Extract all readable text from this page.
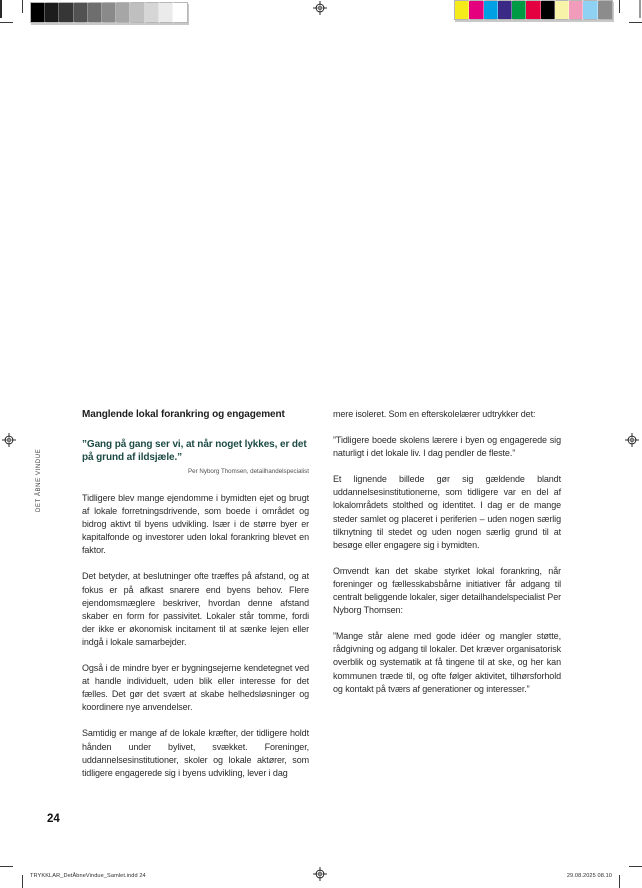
DET ÅBNE VINDUE
Manglende lokal forankring og engagement

”Gang på gang ser vi, at når noget lykkes, er det på grund af ildsjæle.”

Per Nyborg Thomsen, detailhandelspecialist

Tidligere blev mange ejendomme i bymidten ejet og brugt af lokale forretningsdrivende, som boede i området og bidrog aktivt til byens udvikling. Især i de større byer er kapitalfonde og investorer uden lokal forankring blevet en faktor.

Det betyder, at beslutninger ofte træffes på afstand, og at fokus er på afkast snarere end byens behov. Flere ejendomsmæglere beskriver, hvordan denne afstand skaber en form for passivitet. Lokaler står tomme, fordi der ikke er økonomisk incitament til at sænke lejen eller indgå i lokale samarbejder.

Også i de mindre byer er bygningsejerne kendetegnet ved at handle individuelt, uden blik eller interesse for det fælles. Det gør det svært at skabe helhedsløsninger og koordinere nye anvendelser.

Samtidig er mange af de lokale kræfter, der tidligere holdt hånden under bylivet, svækket. Foreninger, uddannelsesinstitutioner, skoler og lokale aktører, som tidligere engagerede sig i byens udvikling, lever i dag

mere isoleret. Som en efterskolelærer udtrykker det:

”Tidligere boede skolens lærere i byen og engagerede sig naturligt i det lokale liv. I dag pendler de fleste.”

Et lignende billede gør sig gældende blandt uddannelsesinstitutionerne, som tidligere var en del af lokalområdets stolthed og identitet. I dag er de mange steder samlet og placeret i periferien – uden nogen særlig tilknytning til stedet og uden nogen særlig grund til at besøge eller engagere sig i bymidten.

Omvendt kan det skabe styrket lokal forankring, når foreninger og fællesskabsbårne initiativer får adgang til centralt beliggende lokaler, siger detailhandelspecialist Per Nyborg Thomsen:

”Mange står alene med gode idéer og mangler støtte, rådgivning og adgang til lokaler. Det kræver organisatorisk overblik og systematik at få tingene til at ske, og her kan kommunen træde til, og ofte følger aktivitet, tilhørsforhold og kontakt på tværs af generationer og interesser.”

24
TRYKKLAR_DetÅbneVindue_Samlet.indd 24	29.08.2025 08.10
